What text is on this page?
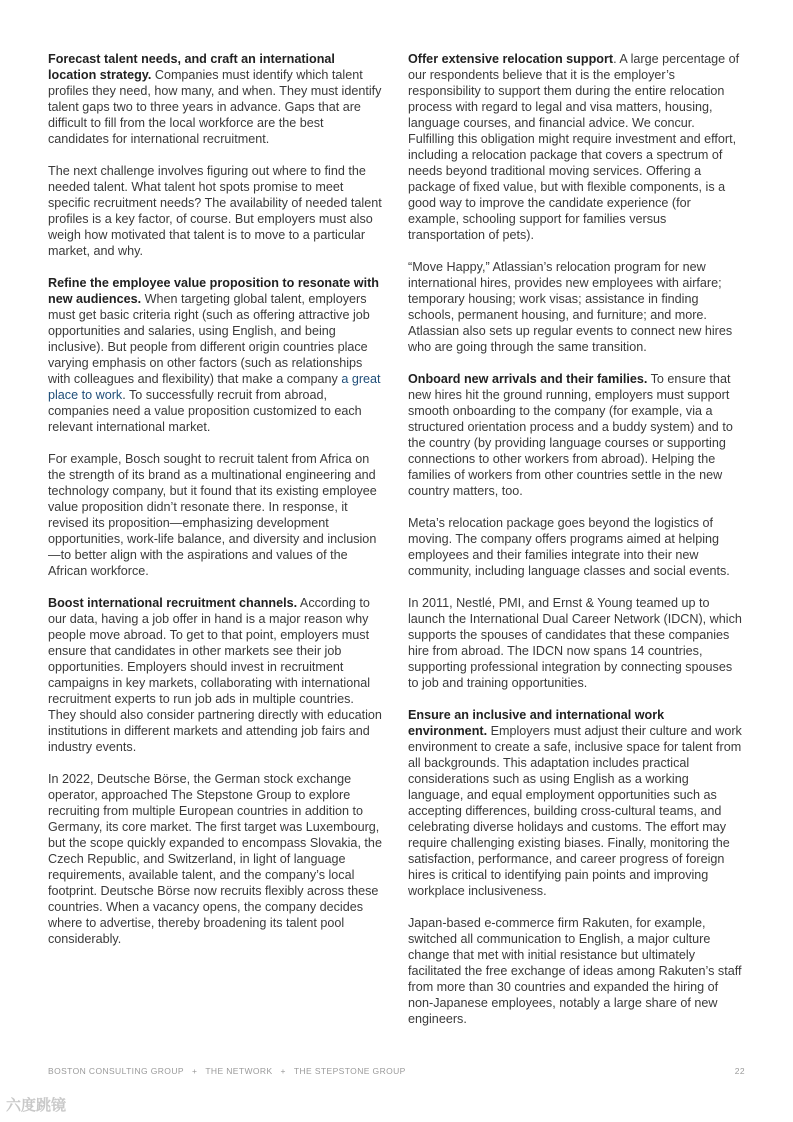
Forecast talent needs, and craft an international location strategy. Companies must identify which talent profiles they need, how many, and when. They must identify talent gaps two to three years in advance. Gaps that are difficult to fill from the local workforce are the best candidates for international recruitment.

The next challenge involves figuring out where to find the needed talent. What talent hot spots promise to meet specific recruitment needs? The availability of needed talent profiles is a key factor, of course. But employers must also weigh how motivated that talent is to move to a particular market, and why.

Refine the employee value proposition to resonate with new audiences. When targeting global talent, employers must get basic criteria right (such as offering attractive job opportunities and salaries, using English, and being inclusive). But people from different origin countries place varying emphasis on other factors (such as relationships with colleagues and flexibility) that make a company a great place to work. To successfully recruit from abroad, companies need a value proposition customized to each relevant international market.

For example, Bosch sought to recruit talent from Africa on the strength of its brand as a multinational engineering and technology company, but it found that its existing employee value proposition didn’t resonate there. In response, it revised its proposition—emphasizing development opportunities, work-life balance, and diversity and inclusion—to better align with the aspirations and values of the African workforce.

Boost international recruitment channels. According to our data, having a job offer in hand is a major reason why people move abroad. To get to that point, employers must ensure that candidates in other markets see their job opportunities. Employers should invest in recruitment campaigns in key markets, collaborating with international recruitment experts to run job ads in multiple countries. They should also consider partnering directly with education institutions in different markets and attending job fairs and industry events.

In 2022, Deutsche Börse, the German stock exchange operator, approached The Stepstone Group to explore recruiting from multiple European countries in addition to Germany, its core market. The first target was Luxembourg, but the scope quickly expanded to encompass Slovakia, the Czech Republic, and Switzerland, in light of language requirements, available talent, and the company’s local footprint. Deutsche Börse now recruits flexibly across these countries. When a vacancy opens, the company decides where to advertise, thereby broadening its talent pool considerably.

Offer extensive relocation support. A large percentage of our respondents believe that it is the employer’s responsibility to support them during the entire relocation process with regard to legal and visa matters, housing, language courses, and financial advice. We concur. Fulfilling this obligation might require investment and effort, including a relocation package that covers a spectrum of needs beyond traditional moving services. Offering a package of fixed value, but with flexible components, is a good way to improve the candidate experience (for example, schooling support for families versus transportation of pets).

“Move Happy,” Atlassian’s relocation program for new international hires, provides new employees with airfare; temporary housing; work visas; assistance in finding schools, permanent housing, and furniture; and more. Atlassian also sets up regular events to connect new hires who are going through the same transition.

Onboard new arrivals and their families. To ensure that new hires hit the ground running, employers must support smooth onboarding to the company (for example, via a structured orientation process and a buddy system) and to the country (by providing language courses or supporting connections to other workers from abroad). Helping the families of workers from other countries settle in the new country matters, too.

Meta’s relocation package goes beyond the logistics of moving. The company offers programs aimed at helping employees and their families integrate into their new community, including language classes and social events.

In 2011, Nestlé, PMI, and Ernst & Young teamed up to launch the International Dual Career Network (IDCN), which supports the spouses of candidates that these companies hire from abroad. The IDCN now spans 14 countries, supporting professional integration by connecting spouses to job and training opportunities.

Ensure an inclusive and international work environment. Employers must adjust their culture and work environment to create a safe, inclusive space for talent from all backgrounds. This adaptation includes practical considerations such as using English as a working language, and equal employment opportunities such as accepting differences, building cross-cultural teams, and celebrating diverse holidays and customs. The effort may require challenging existing biases. Finally, monitoring the satisfaction, performance, and career progress of foreign hires is critical to identifying pain points and improving workplace inclusiveness.

Japan-based e-commerce firm Rakuten, for example, switched all communication to English, a major culture change that met with initial resistance but ultimately facilitated the free exchange of ideas among Rakuten’s staff from more than 30 countries and expanded the hiring of non-Japanese employees, notably a large share of new engineers.

BOSTON CONSULTING GROUP + THE NETWORK + THE STEPSTONE GROUP	22
六度跳镜
